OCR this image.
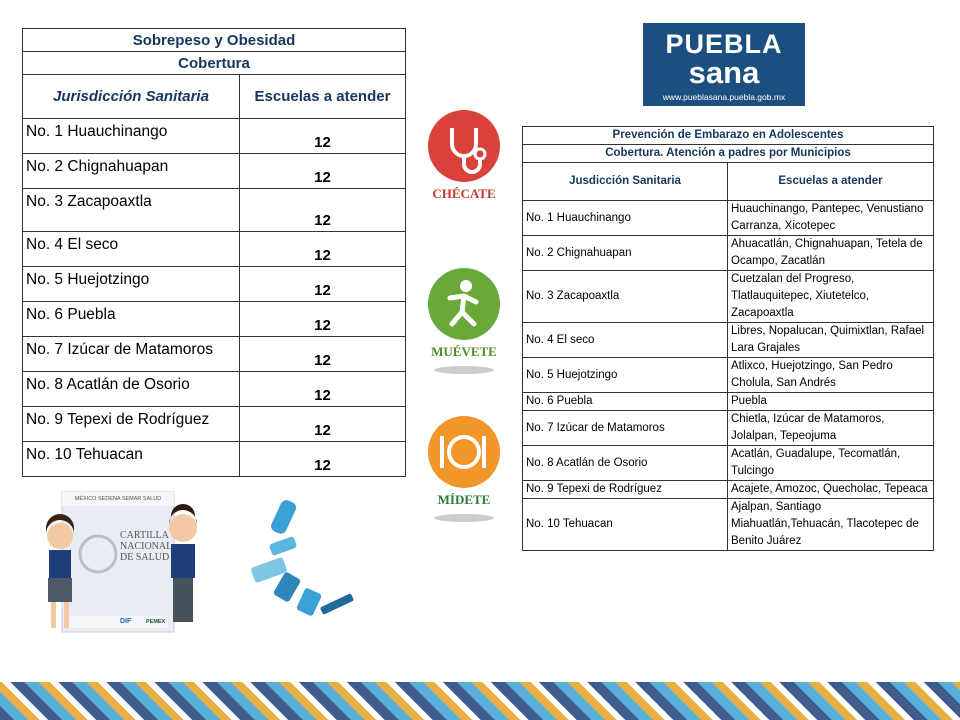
Sobrepeso y Obesidad	
Cobertura	
Jurisdicción Sanitaria	Escuelas a atender
No. 1 Huauchinango	12
No. 2 Chignahuapan	12
No. 3 Zacapoaxtla	12
No. 4 El seco	12
No. 5 Huejotzingo	12
No. 6 Puebla	12
No. 7 Izúcar de Matamoros	12
No. 8 Acatlán de Osorio	12
No. 9 Tepexi de Rodríguez	12
No. 10 Tehuacan	12
PUEBLA
sana
www.pueblasana.puebla.gob.mx
CHÉCATE
MUÉVETE
MÍDETE
Prevención de Embarazo en Adolescentes	
Cobertura. Atención a padres por Municipios	
Jusdicción Sanitaria	Escuelas a atender
No. 1 Huauchinango	Huauchinango, Pantepec, Venustiano Carranza, Xicotepec
No. 2 Chignahuapan	Ahuacatlán, Chignahuapan, Tetela de Ocampo, Zacatlán
No. 3 Zacapoaxtla	Cuetzalan del Progreso, Tlatlauquitepec, Xiutetelco, Zacapoaxtla
No. 4 El seco	Libres, Nopalucan, Quimixtlan, Rafael Lara Grajales
No. 5 Huejotzingo	Atlixco, Huejotzingo, San Pedro Cholula, San Andrés
No. 6 Puebla	Puebla
No. 7 Izúcar de Matamoros	Chietla, Izúcar de Matamoros, Jolalpan, Tepeojuma
No. 8 Acatlán de Osorio	Acatlán, Guadalupe, Tecomatlán, Tulcingo
No. 9 Tepexi de Rodríguez	Acajete, Amozoc, Quecholac, Tepeaca
No. 10 Tehuacan	Ajalpan, Santiago Miahuatlán,Tehuacán, Tlacotepec de Benito Juárez
MÉXICO SEDENA SEMAR SALUD
CARTILLA
NACIONAL
DE SALUD
DIF	PEMEX
